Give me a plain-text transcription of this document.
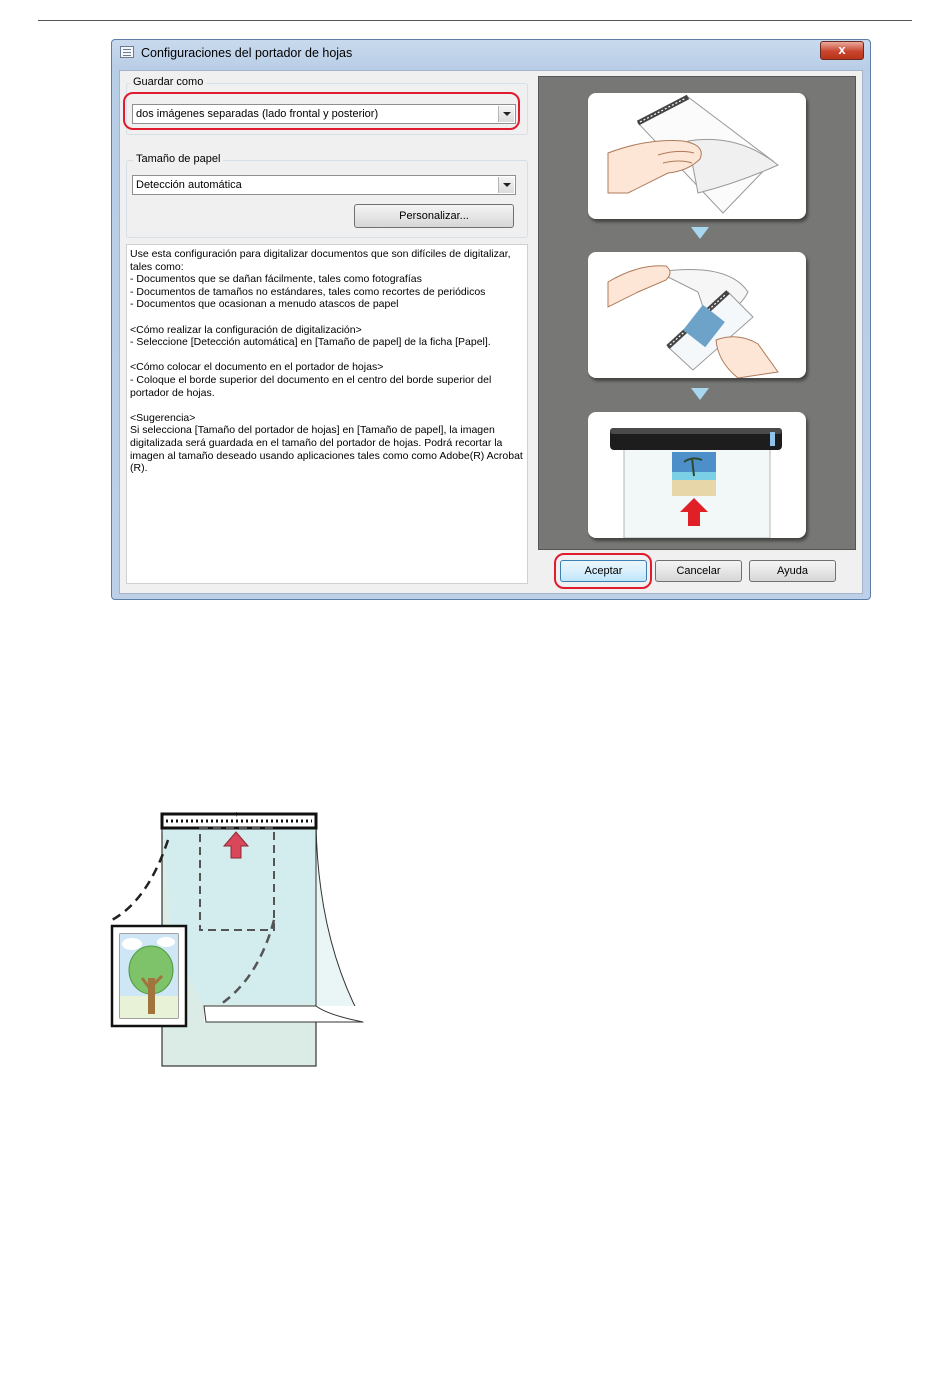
Configuraciones del portador de hojas	x
Guardar como
dos imágenes separadas (lado frontal y posterior)
Tamaño de papel
Detección automática
Personalizar...

Use esta configuración para digitalizar documentos que son difíciles de digitalizar,
tales como:
- Documentos que se dañan fácilmente, tales como fotografías
- Documentos de tamaños no estándares, tales como recortes de periódicos
- Documentos que ocasionan a menudo atascos de papel

<Cómo realizar la configuración de digitalización>
- Seleccione [Detección automática] en [Tamaño de papel] de la ficha [Papel].

<Cómo colocar el documento en el portador de hojas>
- Coloque el borde superior del documento en el centro del borde superior del
portador de hojas.

<Sugerencia>
Si selecciona [Tamaño del portador de hojas] en [Tamaño de papel], la imagen
digitalizada será guardada en el tamaño del portador de hojas. Podrá recortar la
imagen al tamaño deseado usando aplicaciones tales como como Adobe(R) Acrobat
(R).

Aceptar	Cancelar	Ayuda
*
